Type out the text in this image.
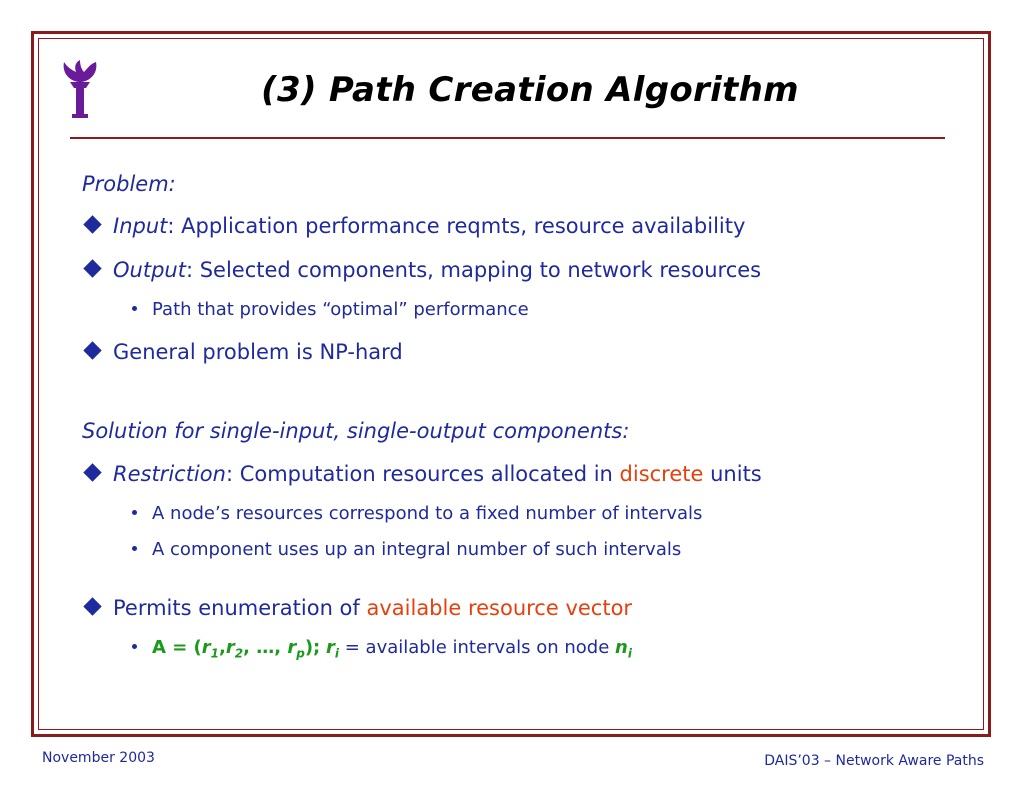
(3) Path Creation Algorithm
Problem:
Input: Application performance reqmts, resource availability
Output: Selected components, mapping to network resources
Path that provides “optimal” performance
General problem is NP-hard
Solution for single-input, single-output components:
Restriction: Computation resources allocated in discrete units
A node’s resources correspond to a fixed number of intervals
A component uses up an integral number of such intervals
Permits enumeration of available resource vector
$A = (r_1,r_2$, …, $r_p$); $r_i$ = available intervals on node $n_i$
November 2003	DAIS’03 – Network Aware Paths
